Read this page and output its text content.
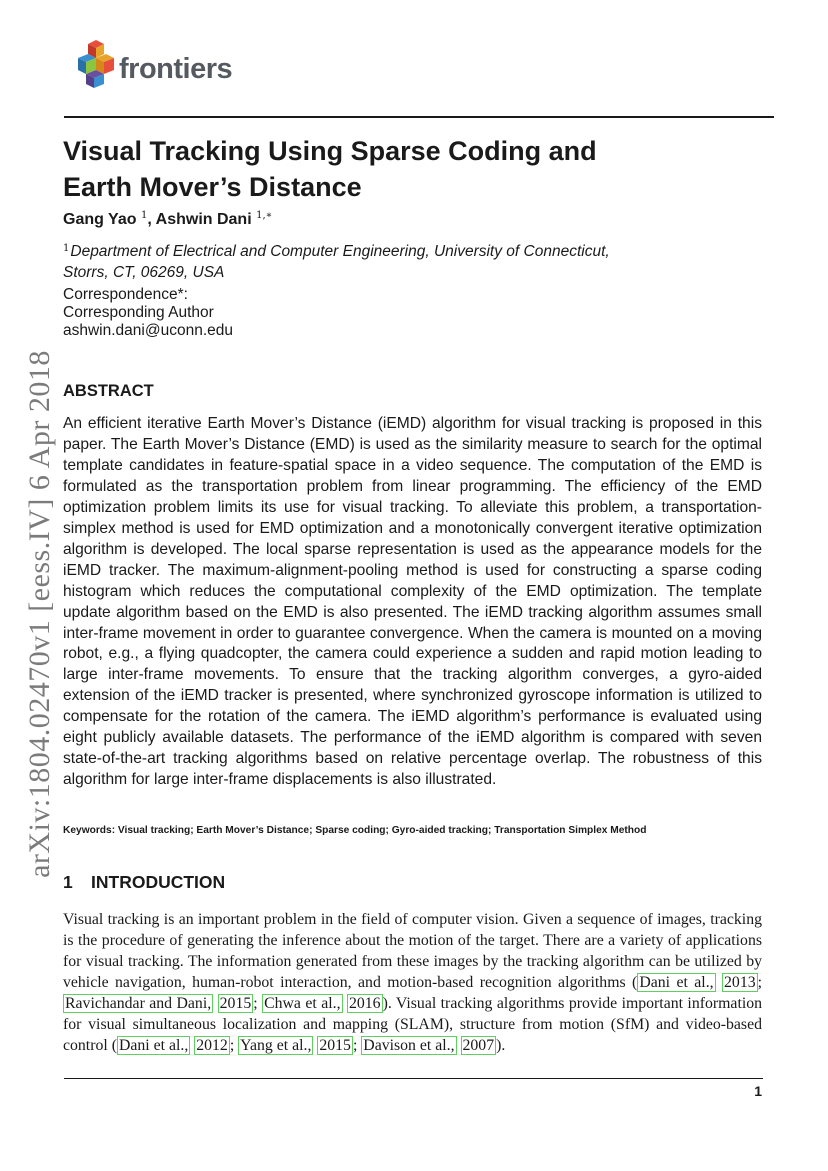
frontiers
Visual Tracking Using Sparse Coding and
Earth Mover’s Distance
Gang Yao $^1$, Ashwin Dani $^{1,∗}$
$^1$Department of Electrical and Computer Engineering, University of Connecticut,
Storrs, CT, 06269, USA
Correspondence*:
Corresponding Author
ashwin.dani@uconn.edu
arXiv:1804.02470v1 [eess.IV] 6 Apr 2018 ABSTRACT
An efficient iterative Earth Mover’s Distance (iEMD) algorithm for visual tracking is proposed in this paper. The Earth Mover’s Distance (EMD) is used as the similarity measure to search for the optimal template candidates in feature-spatial space in a video sequence. The computation of the EMD is formulated as the transportation problem from linear programming. The efficiency of the EMD optimization problem limits its use for visual tracking. To alleviate this problem, a transportation-simplex method is used for EMD optimization and a monotonically convergent iterative optimization algorithm is developed. The local sparse representation is used as the appearance models for the iEMD tracker. The maximum-alignment-pooling method is used for constructing a sparse coding histogram which reduces the computational complexity of the EMD optimization. The template update algorithm based on the EMD is also presented. The iEMD tracking algorithm assumes small inter-frame movement in order to guarantee convergence. When the camera is mounted on a moving robot, e.g., a flying quadcopter, the camera could experience a sudden and rapid motion leading to large inter-frame movements. To ensure that the tracking algorithm converges, a gyro-aided extension of the iEMD tracker is presented, where synchronized gyroscope information is utilized to compensate for the rotation of the camera. The iEMD algorithm’s performance is evaluated using eight publicly available datasets. The performance of the iEMD algorithm is compared with seven state-of-the-art tracking algorithms based on relative percentage overlap. The robustness of this algorithm for large inter-frame displacements is also illustrated.
Keywords: Visual tracking; Earth Mover’s Distance; Sparse coding; Gyro-aided tracking; Transportation Simplex Method
1 INTRODUCTION
Visual tracking is an important problem in the field of computer vision. Given a sequence of images, tracking is the procedure of generating the inference about the motion of the target. There are a variety of applications for visual tracking. The information generated from these images by the tracking algorithm can be utilized by vehicle navigation, human-robot interaction, and motion-based recognition algorithms ( Dani et al., 2013 ; Ravichandar and Dani, 2015 ; Chwa et al., 2016 ). Visual tracking algorithms provide important information for visual simultaneous localization and mapping (SLAM), structure from motion (SfM) and video-based control ( Dani et al., 2012 ; Yang et al., 2015 ; Davison et al., 2007 ).
1
